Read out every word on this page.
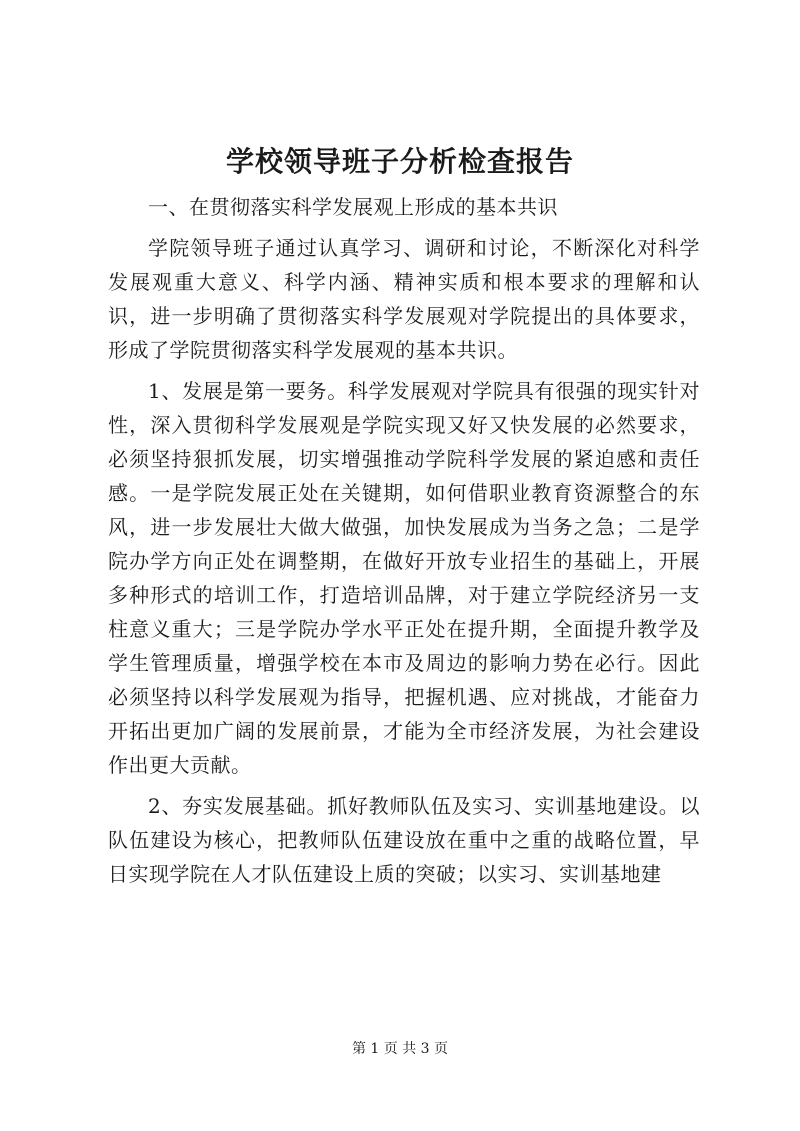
学校领导班子分析检查报告

一、在贯彻落实科学发展观上形成的基本共识

学院领导班子通过认真学习、调研和讨论，不断深化对科学发展观重大意义、科学内涵、精神实质和根本要求的理解和认识，进一步明确了贯彻落实科学发展观对学院提出的具体要求，形成了学院贯彻落实科学发展观的基本共识。

1、发展是第一要务。科学发展观对学院具有很强的现实针对性，深入贯彻科学发展观是学院实现又好又快发展的必然要求，必须坚持狠抓发展，切实增强推动学院科学发展的紧迫感和责任感。一是学院发展正处在关键期，如何借职业教育资源整合的东风，进一步发展壮大做大做强，加快发展成为当务之急；二是学院办学方向正处在调整期，在做好开放专业招生的基础上，开展多种形式的培训工作，打造培训品牌，对于建立学院经济另一支柱意义重大；三是学院办学水平正处在提升期，全面提升教学及学生管理质量，增强学校在本市及周边的影响力势在必行。因此必须坚持以科学发展观为指导，把握机遇、应对挑战，才能奋力开拓出更加广阔的发展前景，才能为全市经济发展，为社会建设作出更大贡献。

2、夯实发展基础。抓好教师队伍及实习、实训基地建设。以队伍建设为核心，把教师队伍建设放在重中之重的战略位置，早日实现学院在人才队伍建设上质的突破；以实习、实训基地建

第 1 页 共 3 页
